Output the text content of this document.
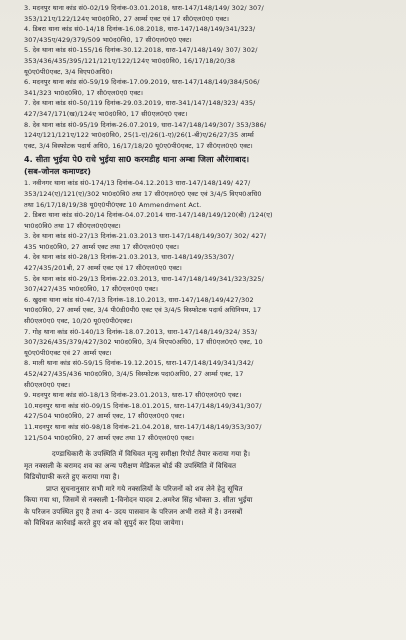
3. मदनपुर थाना कांड सं0-02/19 दिनांक-03.01.2018, धारा-147/148/149/ 302/ 307/

353/121ए/122/124ए भा0द0वि0, 27 आर्म्स एक्ट एवं 17 सी0एल0ए0 एक्ट।

4. डिबरा थाना कांड सं0-14/18 दिनांक-16.08.2018, धारा-147/148/149/341/323/

307/435ए/429/379/509 भा0द0वि0, 17 सी0एल0ए0 एक्ट।

5. देव थाना कांड सं0-155/16 दिनांक-30.12.2018, धारा-147/148/149/ 307/ 302/

353/436/435/395/121/121ए/122/124ए भा0द0वि0, 16/17/18/20/38

यू0ए0पी0एक्ट, 3/4 विएप0अधि0।

6. मदनपुर थाना कांड सं0-59/19 दिनांक-17.09.2019, धारा-147/148/149/384/506/

341/323 भा0द0वि0, 17 सी0एल0ए0 एक्ट।

7. देव थाना कांड सं0-50/119 दिनांक-29.03.2019, धारा-341/147/148/323/ 435/

427/347/171(ख)/124ए भा0द0वि0, 17 सी0एल0ए0 एक्ट।

8. देव थाना कांड सं0-95/19 दिनांक-26.07.2019, धारा-147/148/149/307/ 353/386/

124ए/121/121ए/122 भा0द0वि0, 25(1-ए)/26(1-ए)/26(1-बी)ए/26/27/35 आर्म्स

एक्ट, 3/4 विस्फोटक पदार्थ अधि0, 16/17/18/20 यू0ए0पी0एक्ट, 17 सी0एल0ए0 एक्ट।

4. सीता भुईया पे0 राधे भुईया सा0 करमडीह थाना अम्बा जिला औरंगाबाद।

(सब-जोनल कमाण्डर)

1. नवीनगर थाना कांड सं0-174/13 दिनांक-04.12.2013 धारा-147/148/149/ 427/

353/124(ए)/121(ए)/302 भा0द0वि0 तथा 17 सी0एल0ए0 एक्ट एवं 3/4/5 विएप0अधि0

तथा 16/17/18/19/38 यू0ए0पी0एक्ट 10 Ammendment Act.

2. डिबरा थाना कांड सं0-20/14 दिनांक-04.07.2014 धारा-147/148/149/120(बी) /124(ए)

भा0द0वि0 तथा 17 सी0एल0ए0एक्ट।

3. देव थाना कांड सं0-27/13 दिनांक-21.03.2013 धारा-147/148/149/307/ 302/ 427/

435 भा0द0वि0, 27 आर्म्स एक्ट तथा 17 सी0एल0ए0 एक्ट।

4. देव थाना कांड सं0-28/13 दिनांक-21.03.2013, धारा-148/149/353/307/

427/435/201बी, 27 आर्म्स एक्ट एवं 17 सी0एल0ए0 एक्ट।

5. देव थाना कांड सं0-29/13 दिनांक-22.03.2013, धारा-147/148/149/341/323/325/

307/427/435 भा0द0वि0, 17 सी0एल0ए0 एक्ट।

6. खुदवा थाना कांड सं0-47/13 दिनांक-18.10.2013, धारा-147/148/149/427/302

भा0द0वि0, 27 आर्म्स एक्ट, 3/4 पी0डी0पी0 एक्ट एवं 3/4/5 विस्फोटक पदार्थ अधिनियम, 17

सी0एल0ए0 एक्ट, 10/20 यू0ए0पी0एक्ट।

7. गोह थाना कांड सं0-140/13 दिनांक-18.07.2013, धारा-147/148/149/324/ 353/

307/326/435/379/427/302 भा0द0वि0, 3/4 विएप0अधि0, 17 सी0एल0ए0 एक्ट, 10

यू0ए0पी0एक्ट एवं 27 आर्म्स एक्ट।

8. माली थाना कांड सं0-59/15 दिनांक-19.12.2015, धारा-147/148/149/341/342/

452/427/435/436 भा0द0वि0, 3/4/5 विस्फोटक पदा0अधि0, 27 आर्म्स एक्ट, 17

सी0एल0ए0 एक्ट।

9. मदनपुर थाना कांड सं0-18/13 दिनांक-23.01.2013, धारा-17 सी0एल0ए0 एक्ट।

10.मदनपुर थाना कांड सं0-09/15 दिनांक-18.01.2015, धारा-147/148/149/341/307/

427/504 भा0द0वि0, 27 आर्म्स एक्ट, 17 सी0एल0ए0 एक्ट।

11.मदनपुर थाना कांड सं0-98/18 दिनांक-21.04.2018, धारा-147/148/149/353/307/

121/504 भा0द0वि0, 27 आर्म्स एक्ट तथा 17 सी0एल0ए0 एक्ट।

दण्डाधिकारी के उपस्थिति में विधिवत मृत्यु समीक्षा रिपोर्ट तैयार कराया गया है।

मृत नक्सली के बरामद शव का अन्य परीक्षण मेडिकल बोर्ड की उपस्थिति में विधिवत

विडियोग्राफी करते हुए कराया गया है।

प्राप्त सूचनानुसार सभी मारे गये नक्सलियों के परिजनों को शव लेने हेतु सूचित

किया गया था, जिसमें से नक्सली 1-विनोदन यादव 2.अमरेश सिंह भोक्ता 3. सीता भुईया

के परिजन उपस्थित हुए है तथा 4- उदय पासवान के परिजन अभी रास्ते में है। उनसबों

को विधिवत कार्रवाई करते हुए शव को सुपुर्द कर दिया जायेगा।
